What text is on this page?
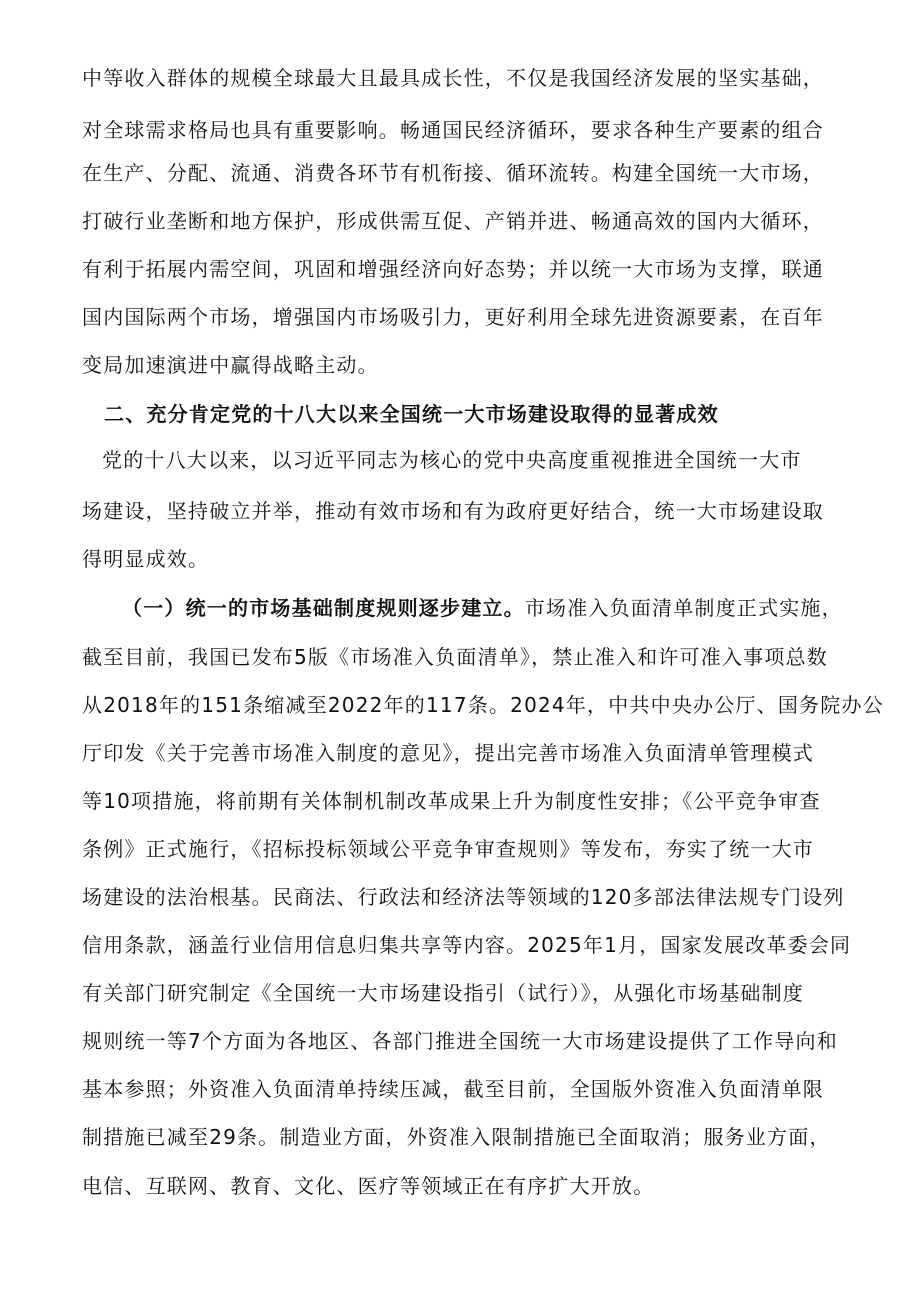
中等收入群体的规模全球最大且最具成长性，不仅是我国经济发展的坚实基础，
对全球需求格局也具有重要影响。畅通国民经济循环，要求各种生产要素的组合
在生产、分配、流通、消费各环节有机衔接、循环流转。构建全国统一大市场，
打破行业垄断和地方保护，形成供需互促、产销并进、畅通高效的国内大循环，
有利于拓展内需空间，巩固和增强经济向好态势；并以统一大市场为支撑，联通
国内国际两个市场，增强国内市场吸引力，更好利用全球先进资源要素，在百年
变局加速演进中赢得战略主动。
二、充分肯定党的十八大以来全国统一大市场建设取得的显著成效
党的十八大以来，以习近平同志为核心的党中央高度重视推进全国统一大市
场建设，坚持破立并举，推动有效市场和有为政府更好结合，统一大市场建设取
得明显成效。
（一）统一的市场基础制度规则逐步建立。市场准入负面清单制度正式实施，
截至目前，我国已发布5版《市场准入负面清单》，禁止准入和许可准入事项总数
从2018年的151条缩减至2022年的117条。2024年，中共中央办公厅、国务院办公
厅印发《关于完善市场准入制度的意见》，提出完善市场准入负面清单管理模式
等10项措施，将前期有关体制机制改革成果上升为制度性安排；《公平竞争审查
条例》正式施行，《招标投标领域公平竞争审查规则》等发布，夯实了统一大市
场建设的法治根基。民商法、行政法和经济法等领域的120多部法律法规专门设列
信用条款，涵盖行业信用信息归集共享等内容。2025年1月，国家发展改革委会同
有关部门研究制定《全国统一大市场建设指引（试行）》，从强化市场基础制度
规则统一等7个方面为各地区、各部门推进全国统一大市场建设提供了工作导向和
基本参照；外资准入负面清单持续压减，截至目前，全国版外资准入负面清单限
制措施已减至29条。制造业方面，外资准入限制措施已全面取消；服务业方面，
电信、互联网、教育、文化、医疗等领域正在有序扩大开放。
